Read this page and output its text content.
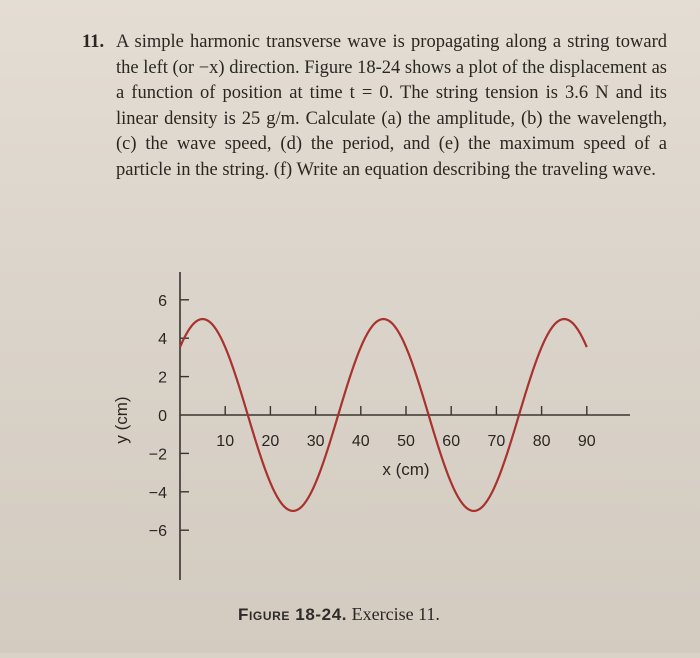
11. A simple harmonic transverse wave is propagating along a string toward the left (or −x) direction. Figure 18-24 shows a plot of the displacement as a function of position at time t = 0. The string tension is 3.6 N and its linear density is 25 g/m. Calculate (a) the amplitude, (b) the wavelength, (c) the wave speed, (d) the period, and (e) the maximum speed of a particle in the string. (f) Write an equation describing the traveling wave.
6
4
2
0
−2
−4
−6
10 20 30 40 50 60 70 80 90
x (cm)
y (cm)
Figure 18-24. Exercise 11.
